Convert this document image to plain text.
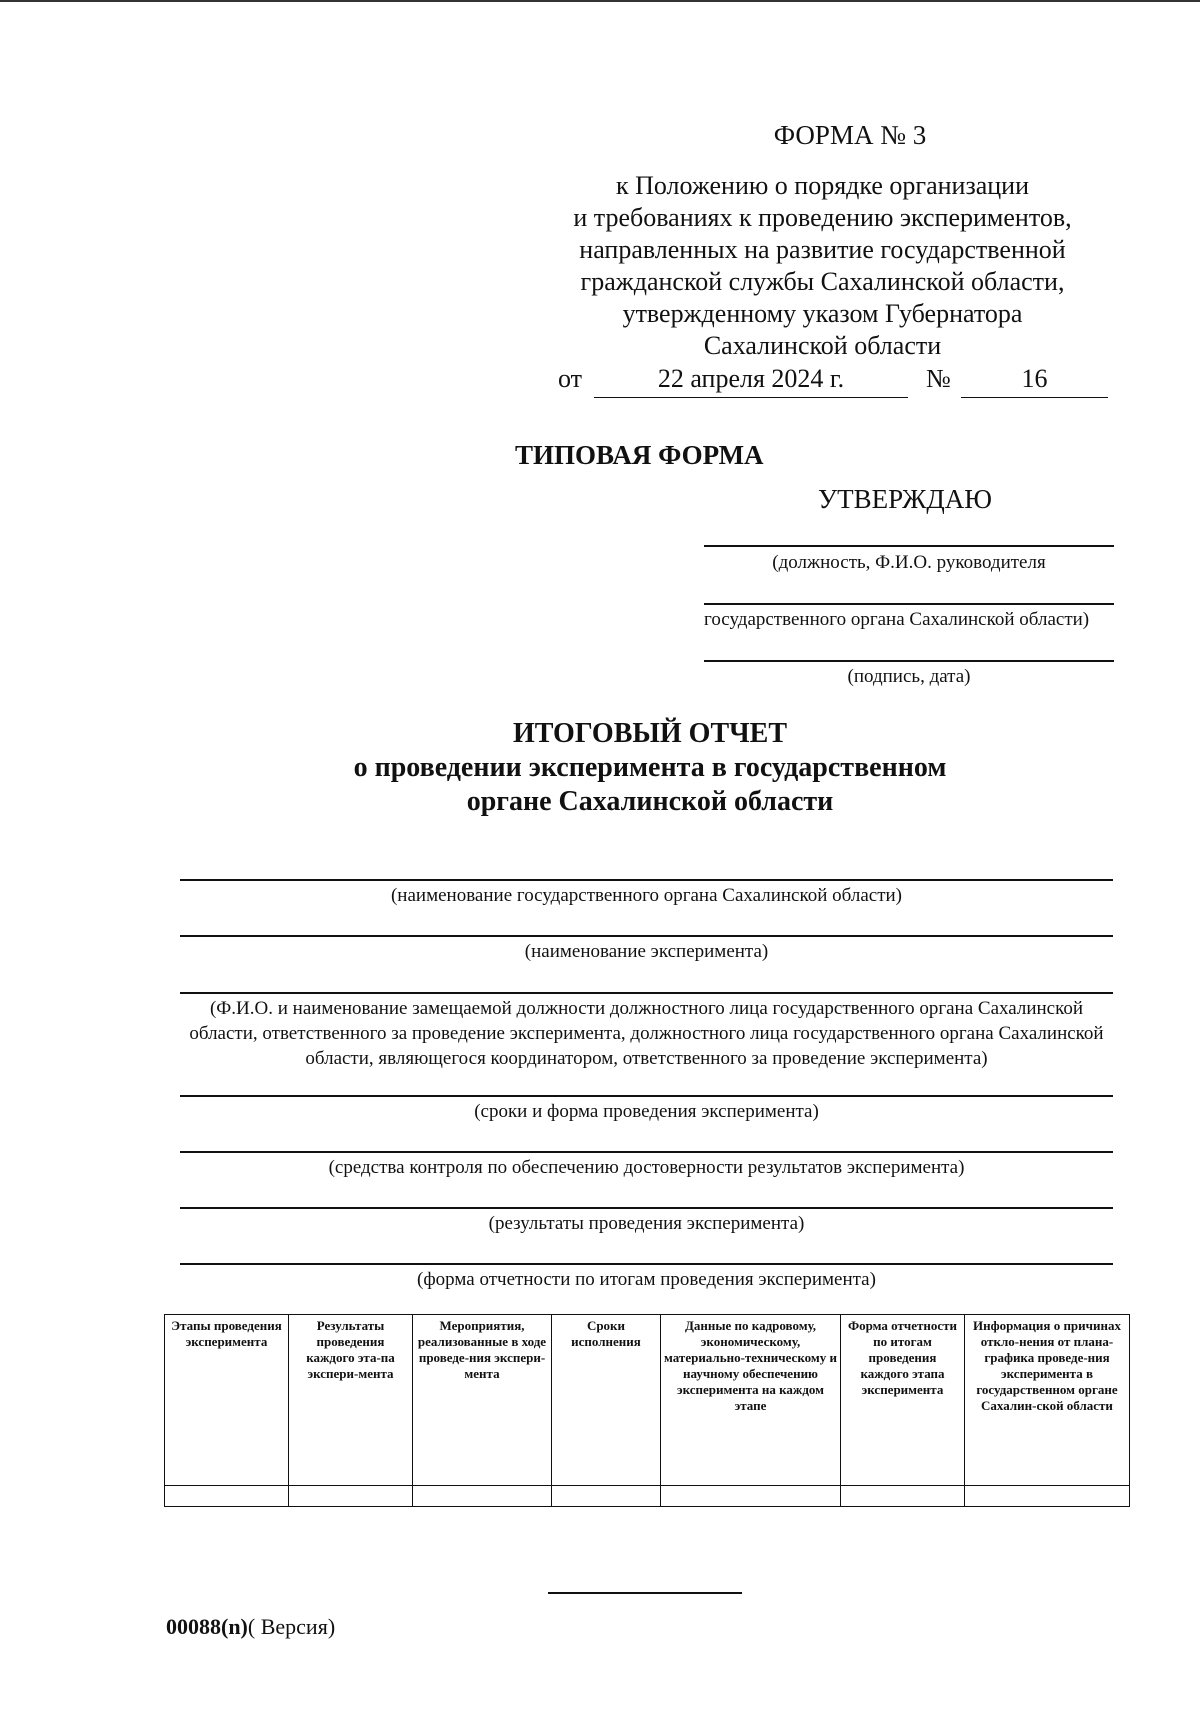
ФОРМА № 3
к Положению о порядке организации
и требованиях к проведению экспериментов,
направленных на развитие государственной
гражданской службы Сахалинской области,
утвержденному указом Губернатора
Сахалинской области
от	22 апреля 2024 г.	№	16
ТИПОВАЯ ФОРМА
УТВЕРЖДАЮ
(должность, Ф.И.О. руководителя
государственного органа Сахалинской области)
(подпись, дата)
ИТОГОВЫЙ ОТЧЕТ
о проведении эксперимента в государственном
органе Сахалинской области
(наименование государственного органа Сахалинской области)
(наименование эксперимента)
(Ф.И.О. и наименование замещаемой должности должностного лица государственного органа Сахалинской области, ответственного за проведение эксперимента, должностного лица государственного органа Сахалинской области, являющегося координатором, ответственного за проведение эксперимента)
(сроки и форма проведения эксперимента)
(средства контроля по обеспечению достоверности результатов эксперимента)
(результаты проведения эксперимента)
(форма отчетности по итогам проведения эксперимента)
Этапы проведения эксперимента	Результаты проведения каждого эта-па экспери-мента	Мероприятия, реализованные в ходе проведе-ния экспери-мента	Сроки исполнения	Данные по кадровому, экономическому, материально-техническому и научному обеспечению эксперимента на каждом этапе	Форма отчетности по итогам проведения каждого этапа эксперимента	Информация о причинах откло-нения от плана-графика проведе-ния эксперимента в государственном органе Сахалин-ской области

00088(n)( Версия)
